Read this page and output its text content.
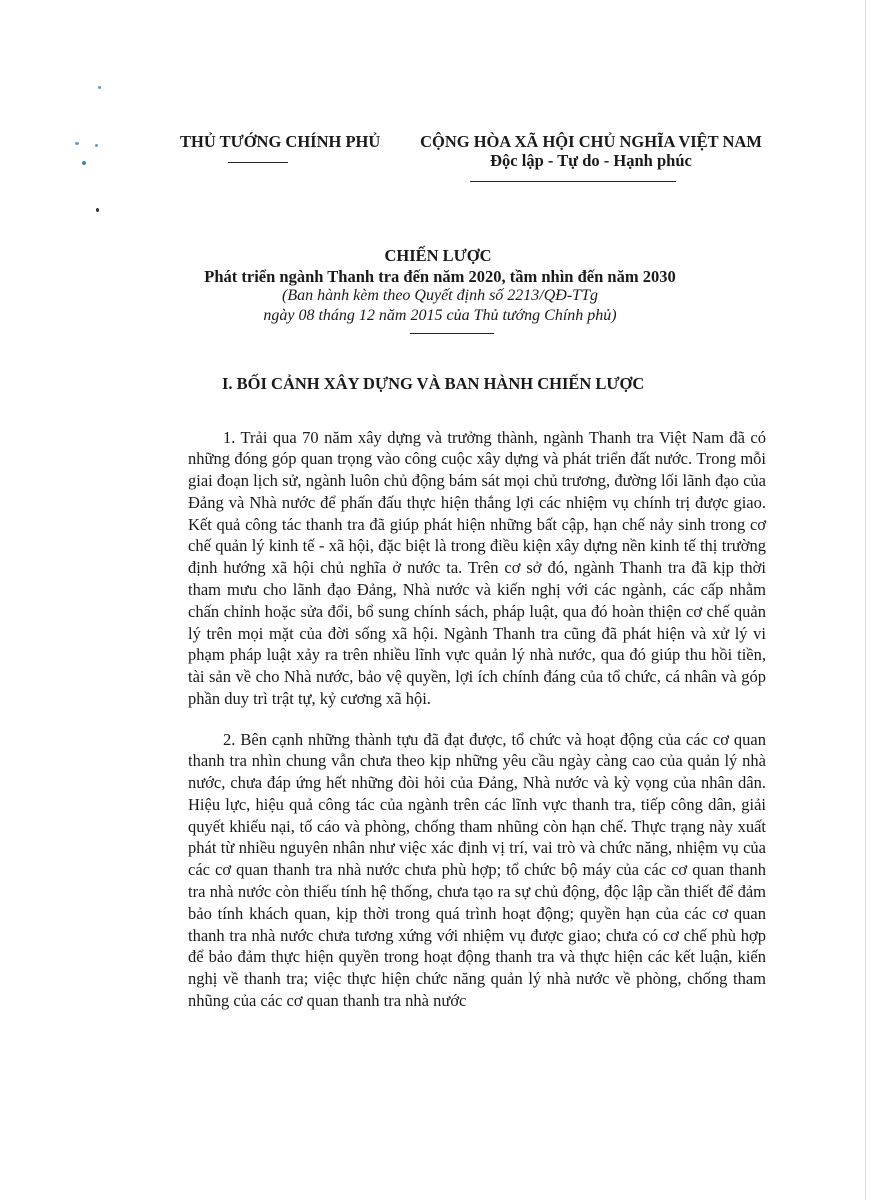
THỦ TƯỚNG CHÍNH PHỦ	CỘNG HÒA XÃ HỘI CHỦ NGHĨA VIỆT NAM
Độc lập - Tự do - Hạnh phúc
CHIẾN LƯỢC
Phát triển ngành Thanh tra đến năm 2020, tầm nhìn đến năm 2030
(Ban hành kèm theo Quyết định số 2213/QĐ-TTg
ngày 08 tháng 12 năm 2015 của Thủ tướng Chính phủ)
I. BỐI CẢNH XÂY DỰNG VÀ BAN HÀNH CHIẾN LƯỢC

1. Trải qua 70 năm xây dựng và trưởng thành, ngành Thanh tra Việt Nam đã có những đóng góp quan trọng vào công cuộc xây dựng và phát triển đất nước. Trong mỗi giai đoạn lịch sử, ngành luôn chủ động bám sát mọi chủ trương, đường lối lãnh đạo của Đảng và Nhà nước để phấn đấu thực hiện thắng lợi các nhiệm vụ chính trị được giao. Kết quả công tác thanh tra đã giúp phát hiện những bất cập, hạn chế nảy sinh trong cơ chế quản lý kinh tế - xã hội, đặc biệt là trong điều kiện xây dựng nền kinh tế thị trường định hướng xã hội chủ nghĩa ở nước ta. Trên cơ sở đó, ngành Thanh tra đã kịp thời tham mưu cho lãnh đạo Đảng, Nhà nước và kiến nghị với các ngành, các cấp nhằm chấn chỉnh hoặc sửa đổi, bổ sung chính sách, pháp luật, qua đó hoàn thiện cơ chế quản lý trên mọi mặt của đời sống xã hội. Ngành Thanh tra cũng đã phát hiện và xử lý vi phạm pháp luật xảy ra trên nhiều lĩnh vực quản lý nhà nước, qua đó giúp thu hồi tiền, tài sản về cho Nhà nước, bảo vệ quyền, lợi ích chính đáng của tổ chức, cá nhân và góp phần duy trì trật tự, kỷ cương xã hội.

2. Bên cạnh những thành tựu đã đạt được, tổ chức và hoạt động của các cơ quan thanh tra nhìn chung vẫn chưa theo kịp những yêu cầu ngày càng cao của quản lý nhà nước, chưa đáp ứng hết những đòi hỏi của Đảng, Nhà nước và kỳ vọng của nhân dân. Hiệu lực, hiệu quả công tác của ngành trên các lĩnh vực thanh tra, tiếp công dân, giải quyết khiếu nại, tố cáo và phòng, chống tham nhũng còn hạn chế. Thực trạng này xuất phát từ nhiều nguyên nhân như việc xác định vị trí, vai trò và chức năng, nhiệm vụ của các cơ quan thanh tra nhà nước chưa phù hợp; tổ chức bộ máy của các cơ quan thanh tra nhà nước còn thiếu tính hệ thống, chưa tạo ra sự chủ động, độc lập cần thiết để đảm bảo tính khách quan, kịp thời trong quá trình hoạt động; quyền hạn của các cơ quan thanh tra nhà nước chưa tương xứng với nhiệm vụ được giao; chưa có cơ chế phù hợp để bảo đảm thực hiện quyền trong hoạt động thanh tra và thực hiện các kết luận, kiến nghị về thanh tra; việc thực hiện chức năng quản lý nhà nước về phòng, chống tham nhũng của các cơ quan thanh tra nhà nước
